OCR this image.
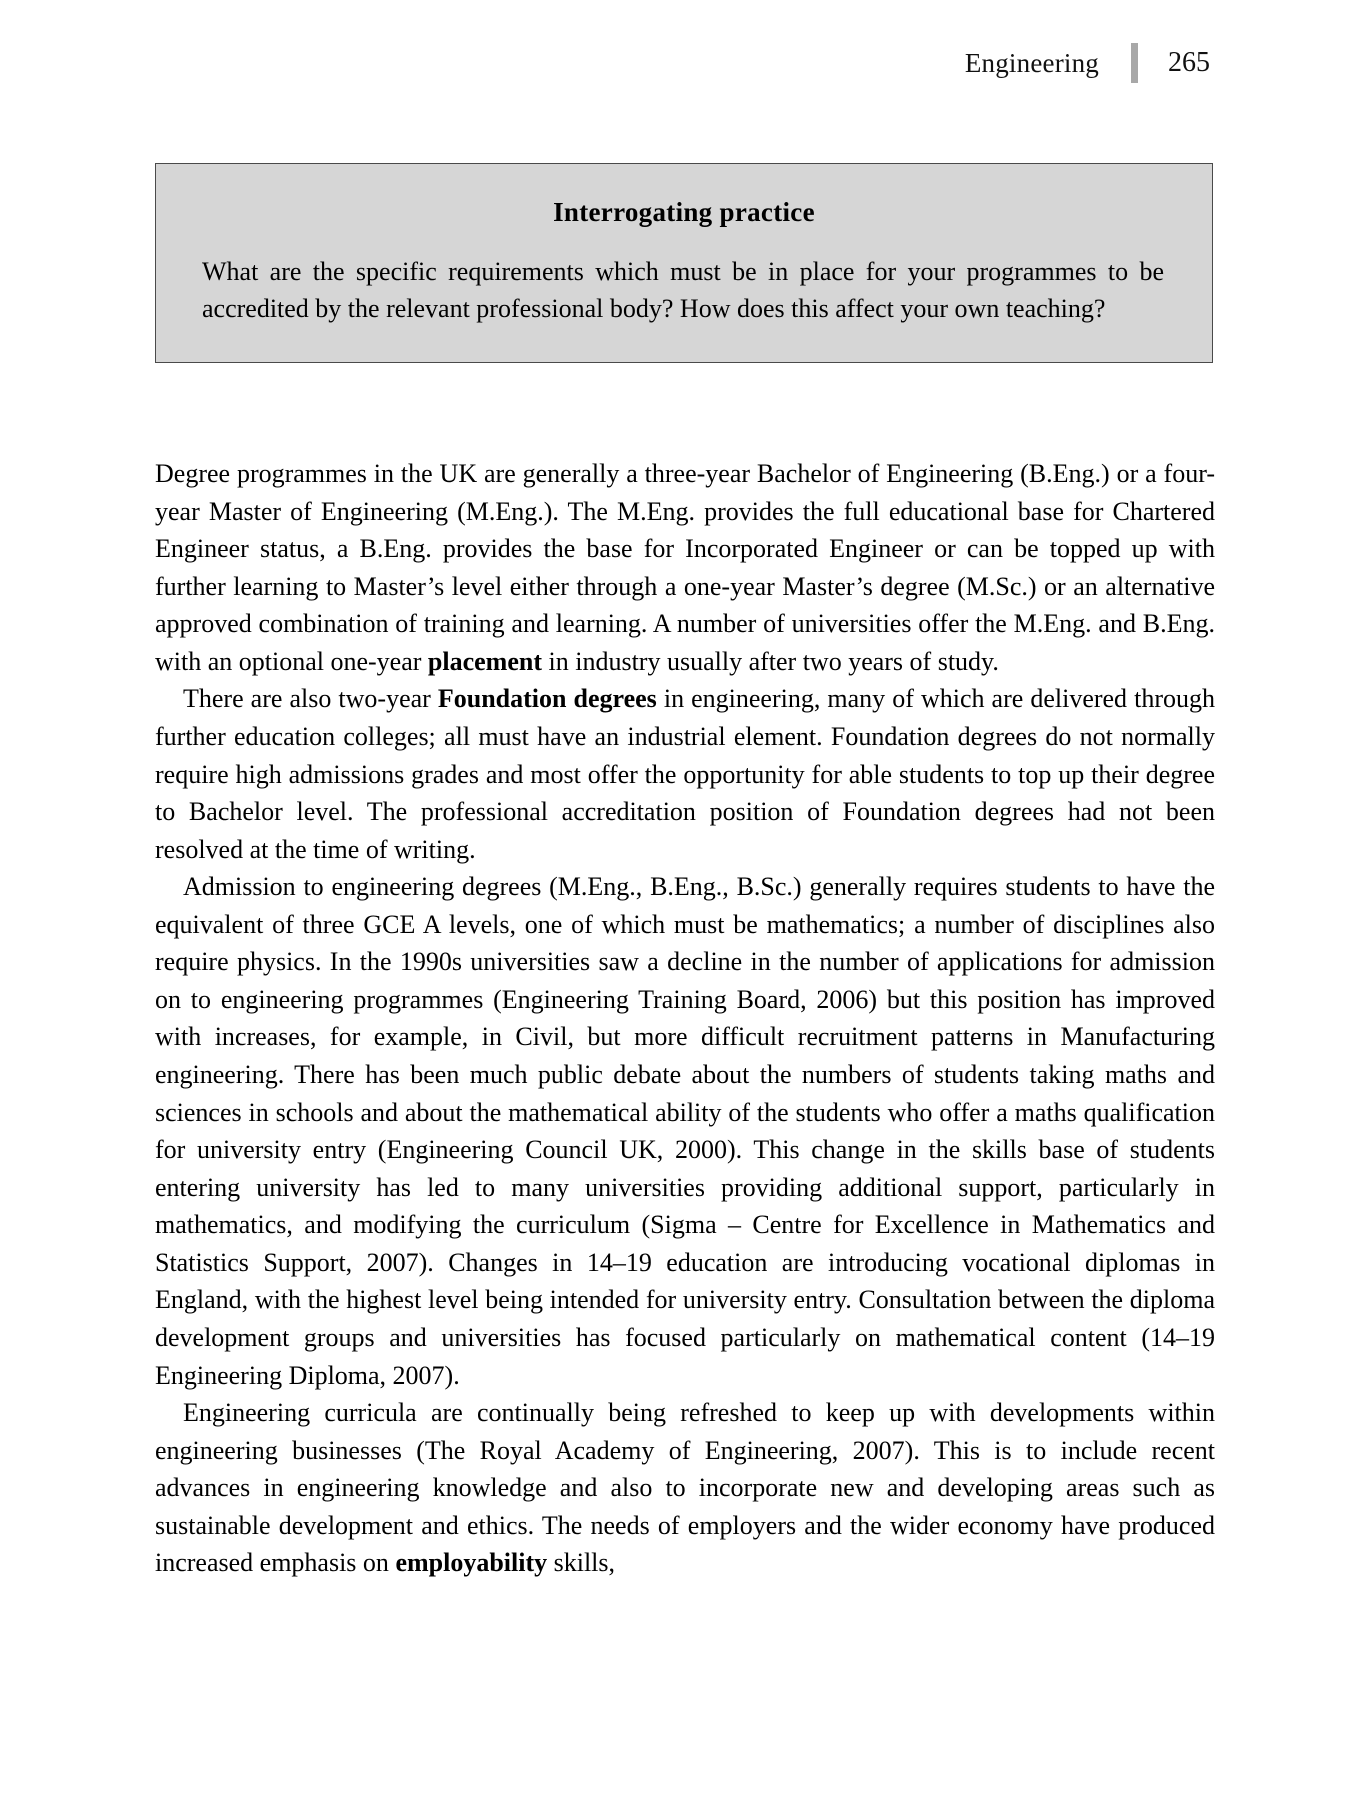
Engineering 265
Interrogating practice

What are the specific requirements which must be in place for your programmes to be accredited by the relevant professional body? How does this affect your own teaching?

Degree programmes in the UK are generally a three-year Bachelor of Engineering (B.Eng.) or a four-year Master of Engineering (M.Eng.). The M.Eng. provides the full educational base for Chartered Engineer status, a B.Eng. provides the base for Incorporated Engineer or can be topped up with further learning to Master’s level either through a one-year Master’s degree (M.Sc.) or an alternative approved combination of training and learning. A number of universities offer the M.Eng. and B.Eng. with an optional one-year placement in industry usually after two years of study.

There are also two-year Foundation degrees in engineering, many of which are delivered through further education colleges; all must have an industrial element. Foundation degrees do not normally require high admissions grades and most offer the opportunity for able students to top up their degree to Bachelor level. The professional accreditation position of Foundation degrees had not been resolved at the time of writing.

Admission to engineering degrees (M.Eng., B.Eng., B.Sc.) generally requires students to have the equivalent of three GCE A levels, one of which must be mathematics; a number of disciplines also require physics. In the 1990s universities saw a decline in the number of applications for admission on to engineering programmes (Engineering Training Board, 2006) but this position has improved with increases, for example, in Civil, but more difficult recruitment patterns in Manufacturing engineering. There has been much public debate about the numbers of students taking maths and sciences in schools and about the mathematical ability of the students who offer a maths qualification for university entry (Engineering Council UK, 2000). This change in the skills base of students entering university has led to many universities providing additional support, particularly in mathematics, and modifying the curriculum (Sigma – Centre for Excellence in Mathematics and Statistics Support, 2007). Changes in 14–19 education are introducing vocational diplomas in England, with the highest level being intended for university entry. Consultation between the diploma development groups and universities has focused particularly on mathematical content (14–19 Engineering Diploma, 2007).

Engineering curricula are continually being refreshed to keep up with developments within engineering businesses (The Royal Academy of Engineering, 2007). This is to include recent advances in engineering knowledge and also to incorporate new and developing areas such as sustainable development and ethics. The needs of employers and the wider economy have produced increased emphasis on employability skills,
